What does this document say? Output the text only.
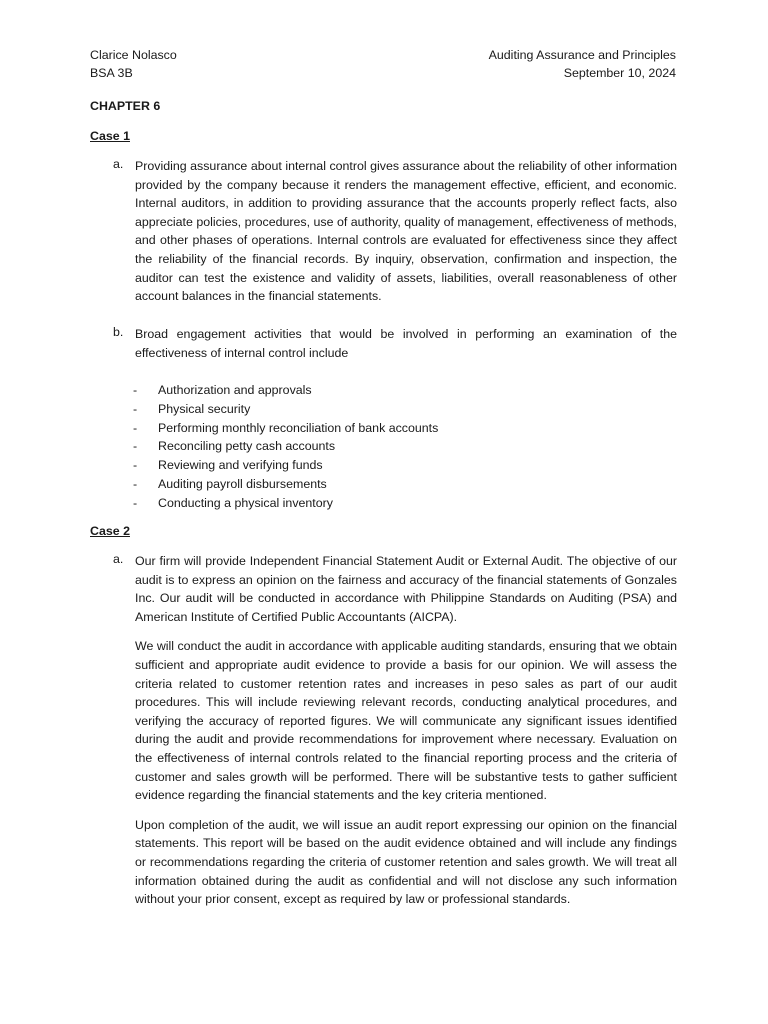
Clarice Nolasco
BSA 3B
Auditing Assurance and Principles
September 10, 2024
CHAPTER 6
Case 1
a. Providing assurance about internal control gives assurance about the reliability of other information provided by the company because it renders the management effective, efficient, and economic. Internal auditors, in addition to providing assurance that the accounts properly reflect facts, also appreciate policies, procedures, use of authority, quality of management, effectiveness of methods, and other phases of operations. Internal controls are evaluated for effectiveness since they affect the reliability of the financial records. By inquiry, observation, confirmation and inspection, the auditor can test the existence and validity of assets, liabilities, overall reasonableness of other account balances in the financial statements.

b. Broad engagement activities that would be involved in performing an examination of the effectiveness of internal control include

- Authorization and approvals
- Physical security
- Performing monthly reconciliation of bank accounts
- Reconciling petty cash accounts
- Reviewing and verifying funds
- Auditing payroll disbursements
- Conducting a physical inventory
Case 2
a. Our firm will provide Independent Financial Statement Audit or External Audit. The objective of our audit is to express an opinion on the fairness and accuracy of the financial statements of Gonzales Inc. Our audit will be conducted in accordance with Philippine Standards on Auditing (PSA) and American Institute of Certified Public Accountants (AICPA).

We will conduct the audit in accordance with applicable auditing standards, ensuring that we obtain sufficient and appropriate audit evidence to provide a basis for our opinion. We will assess the criteria related to customer retention rates and increases in peso sales as part of our audit procedures. This will include reviewing relevant records, conducting analytical procedures, and verifying the accuracy of reported figures. We will communicate any significant issues identified during the audit and provide recommendations for improvement where necessary. Evaluation on the effectiveness of internal controls related to the financial reporting process and the criteria of customer and sales growth will be performed. There will be substantive tests to gather sufficient evidence regarding the financial statements and the key criteria mentioned.

Upon completion of the audit, we will issue an audit report expressing our opinion on the financial statements. This report will be based on the audit evidence obtained and will include any findings or recommendations regarding the criteria of customer retention and sales growth. We will treat all information obtained during the audit as confidential and will not disclose any such information without your prior consent, except as required by law or professional standards.
